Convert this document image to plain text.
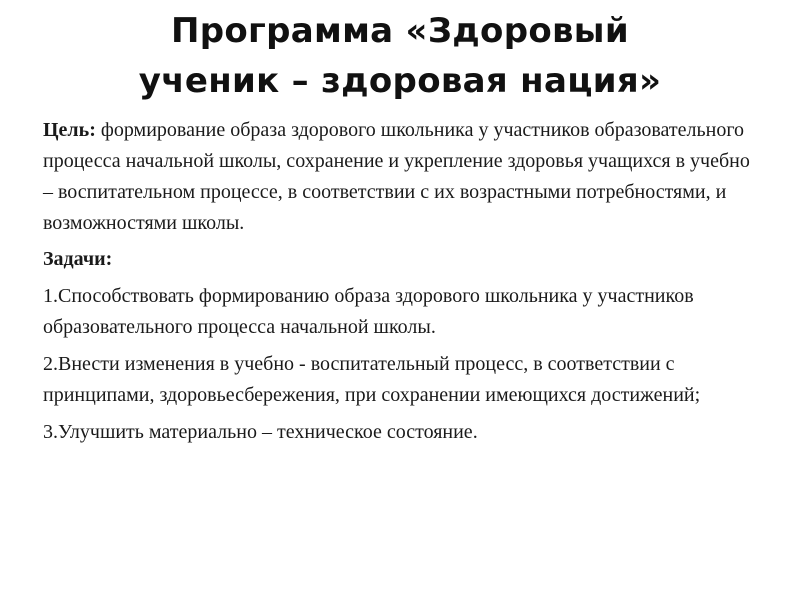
Программа «Здоровый
ученик – здоровая нация»

Цель: формирование образа здорового школьника у участников образовательного процесса начальной школы, сохранение и укрепление здоровья учащихся в учебно – воспитательном процессе, в соответствии с их возрастными потребностями, и возможностями школы.

Задачи:

1.Способствовать формированию образа здорового школьника у участников образовательного процесса начальной школы.

2.Внести изменения в учебно - воспитательный процесс, в соответствии с принципами, здоровьесбережения, при сохранении имеющихся достижений;

3.Улучшить материально – техническое состояние.
